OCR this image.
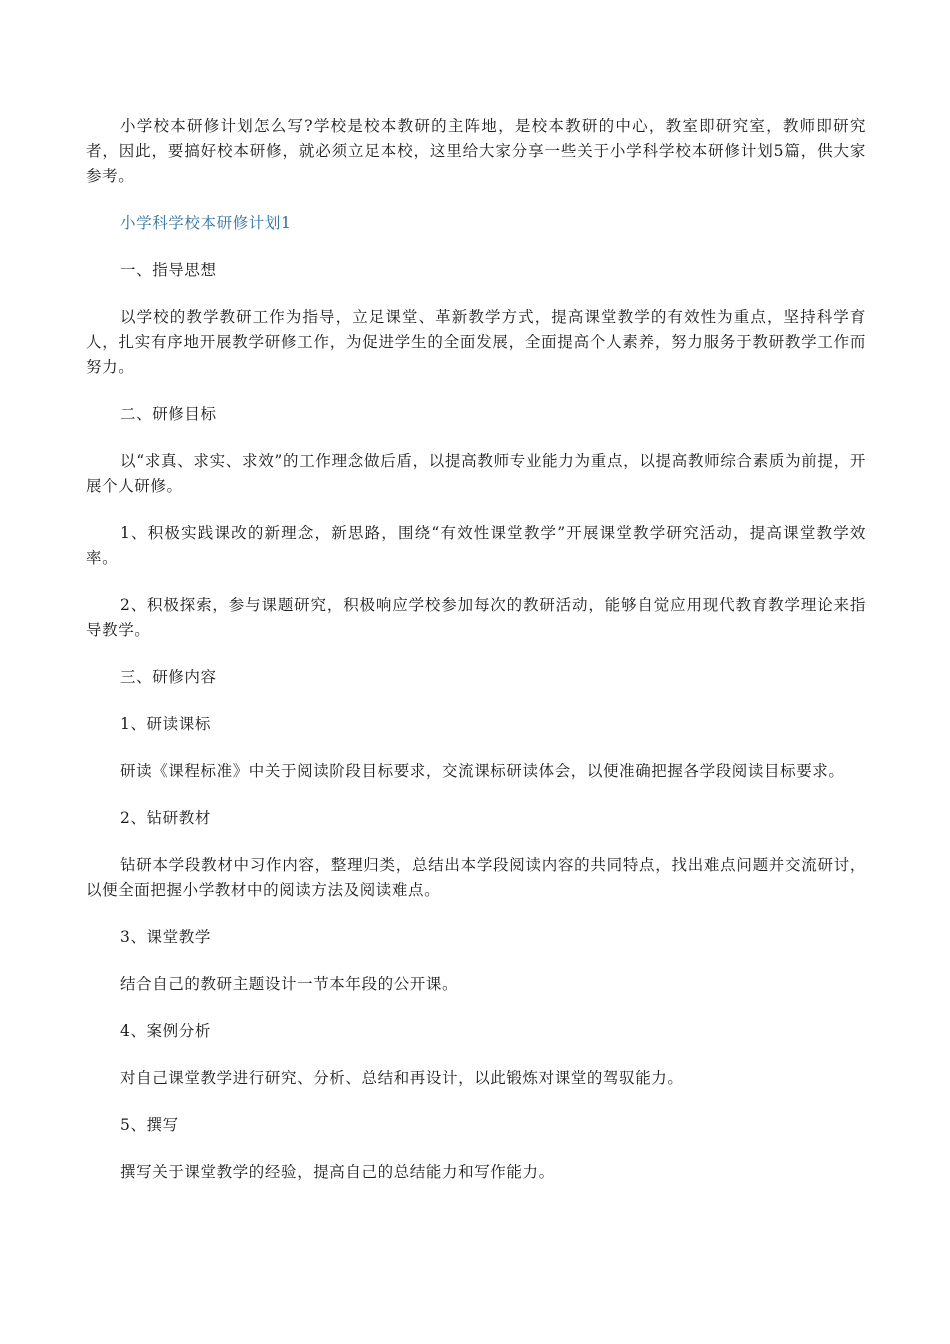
小学校本研修计划怎么写?学校是校本教研的主阵地，是校本教研的中心，教室即研究室，教师即研究者，因此，要搞好校本研修，就必须立足本校，这里给大家分享一些关于小学科学校本研修计划5篇，供大家参考。

小学科学校本研修计划1

一、指导思想

以学校的教学教研工作为指导，立足课堂、革新教学方式，提高课堂教学的有效性为重点，坚持科学育人，扎实有序地开展教学研修工作，为促进学生的全面发展，全面提高个人素养，努力服务于教研教学工作而努力。

二、研修目标

以“求真、求实、求效”的工作理念做后盾，以提高教师专业能力为重点，以提高教师综合素质为前提，开展个人研修。

1、积极实践课改的新理念，新思路，围绕“有效性课堂教学”开展课堂教学研究活动，提高课堂教学效率。

2、积极探索，参与课题研究，积极响应学校参加每次的教研活动，能够自觉应用现代教育教学理论来指导教学。

三、研修内容

1、研读课标

研读《课程标准》中关于阅读阶段目标要求，交流课标研读体会，以便准确把握各学段阅读目标要求。

2、钻研教材

钻研本学段教材中习作内容，整理归类，总结出本学段阅读内容的共同特点，找出难点问题并交流研讨，以便全面把握小学教材中的阅读方法及阅读难点。

3、课堂教学

结合自己的教研主题设计一节本年段的公开课。

4、案例分析

对自己课堂教学进行研究、分析、总结和再设计，以此锻炼对课堂的驾驭能力。

5、撰写

撰写关于课堂教学的经验，提高自己的总结能力和写作能力。
